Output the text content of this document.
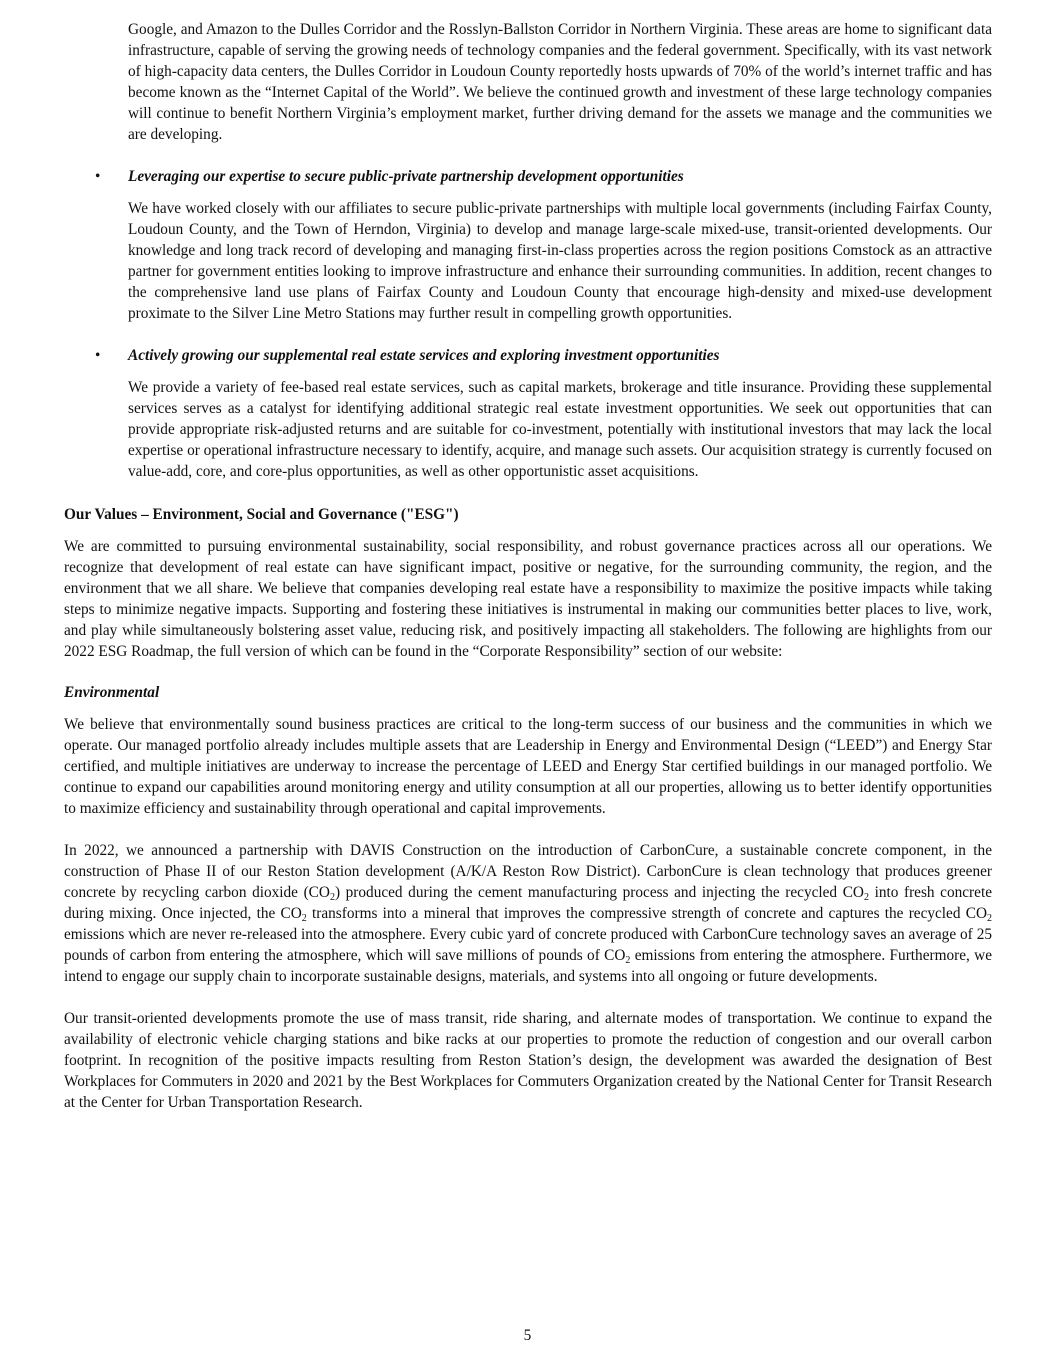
Google, and Amazon to the Dulles Corridor and the Rosslyn-Ballston Corridor in Northern Virginia. These areas are home to significant data infrastructure, capable of serving the growing needs of technology companies and the federal government. Specifically, with its vast network of high-capacity data centers, the Dulles Corridor in Loudoun County reportedly hosts upwards of 70% of the world’s internet traffic and has become known as the “Internet Capital of the World”. We believe the continued growth and investment of these large technology companies will continue to benefit Northern Virginia’s employment market, further driving demand for the assets we manage and the communities we are developing.

• Leveraging our expertise to secure public-private partnership development opportunities

We have worked closely with our affiliates to secure public-private partnerships with multiple local governments (including Fairfax County, Loudoun County, and the Town of Herndon, Virginia) to develop and manage large-scale mixed-use, transit-oriented developments. Our knowledge and long track record of developing and managing first-in-class properties across the region positions Comstock as an attractive partner for government entities looking to improve infrastructure and enhance their surrounding communities. In addition, recent changes to the comprehensive land use plans of Fairfax County and Loudoun County that encourage high-density and mixed-use development proximate to the Silver Line Metro Stations may further result in compelling growth opportunities.

• Actively growing our supplemental real estate services and exploring investment opportunities

We provide a variety of fee-based real estate services, such as capital markets, brokerage and title insurance. Providing these supplemental services serves as a catalyst for identifying additional strategic real estate investment opportunities. We seek out opportunities that can provide appropriate risk-adjusted returns and are suitable for co-investment, potentially with institutional investors that may lack the local expertise or operational infrastructure necessary to identify, acquire, and manage such assets. Our acquisition strategy is currently focused on value-add, core, and core-plus opportunities, as well as other opportunistic asset acquisitions.

Our Values – Environment, Social and Governance ("ESG")

We are committed to pursuing environmental sustainability, social responsibility, and robust governance practices across all our operations. We recognize that development of real estate can have significant impact, positive or negative, for the surrounding community, the region, and the environment that we all share. We believe that companies developing real estate have a responsibility to maximize the positive impacts while taking steps to minimize negative impacts. Supporting and fostering these initiatives is instrumental in making our communities better places to live, work, and play while simultaneously bolstering asset value, reducing risk, and positively impacting all stakeholders. The following are highlights from our 2022 ESG Roadmap, the full version of which can be found in the “Corporate Responsibility” section of our website:

Environmental

We believe that environmentally sound business practices are critical to the long-term success of our business and the communities in which we operate. Our managed portfolio already includes multiple assets that are Leadership in Energy and Environmental Design (“LEED”) and Energy Star certified, and multiple initiatives are underway to increase the percentage of LEED and Energy Star certified buildings in our managed portfolio. We continue to expand our capabilities around monitoring energy and utility consumption at all our properties, allowing us to better identify opportunities to maximize efficiency and sustainability through operational and capital improvements.

In 2022, we announced a partnership with DAVIS Construction on the introduction of CarbonCure, a sustainable concrete component, in the construction of Phase II of our Reston Station development (A/K/A Reston Row District). CarbonCure is clean technology that produces greener concrete by recycling carbon dioxide $(CO_2)$ produced during the cement manufacturing process and injecting the recycled $CO_2$ into fresh concrete during mixing. Once injected, the $CO_2$ transforms into a mineral that improves the compressive strength of concrete and captures the recycled $CO_2$ emissions which are never re-released into the atmosphere. Every cubic yard of concrete produced with CarbonCure technology saves an average of 25 pounds of carbon from entering the atmosphere, which will save millions of pounds of $CO_2$ emissions from entering the atmosphere. Furthermore, we intend to engage our supply chain to incorporate sustainable designs, materials, and systems into all ongoing or future developments.

Our transit-oriented developments promote the use of mass transit, ride sharing, and alternate modes of transportation. We continue to expand the availability of electronic vehicle charging stations and bike racks at our properties to promote the reduction of congestion and our overall carbon footprint. In recognition of the positive impacts resulting from Reston Station’s design, the development was awarded the designation of Best Workplaces for Commuters in 2020 and 2021 by the Best Workplaces for Commuters Organization created by the National Center for Transit Research at the Center for Urban Transportation Research.

5
